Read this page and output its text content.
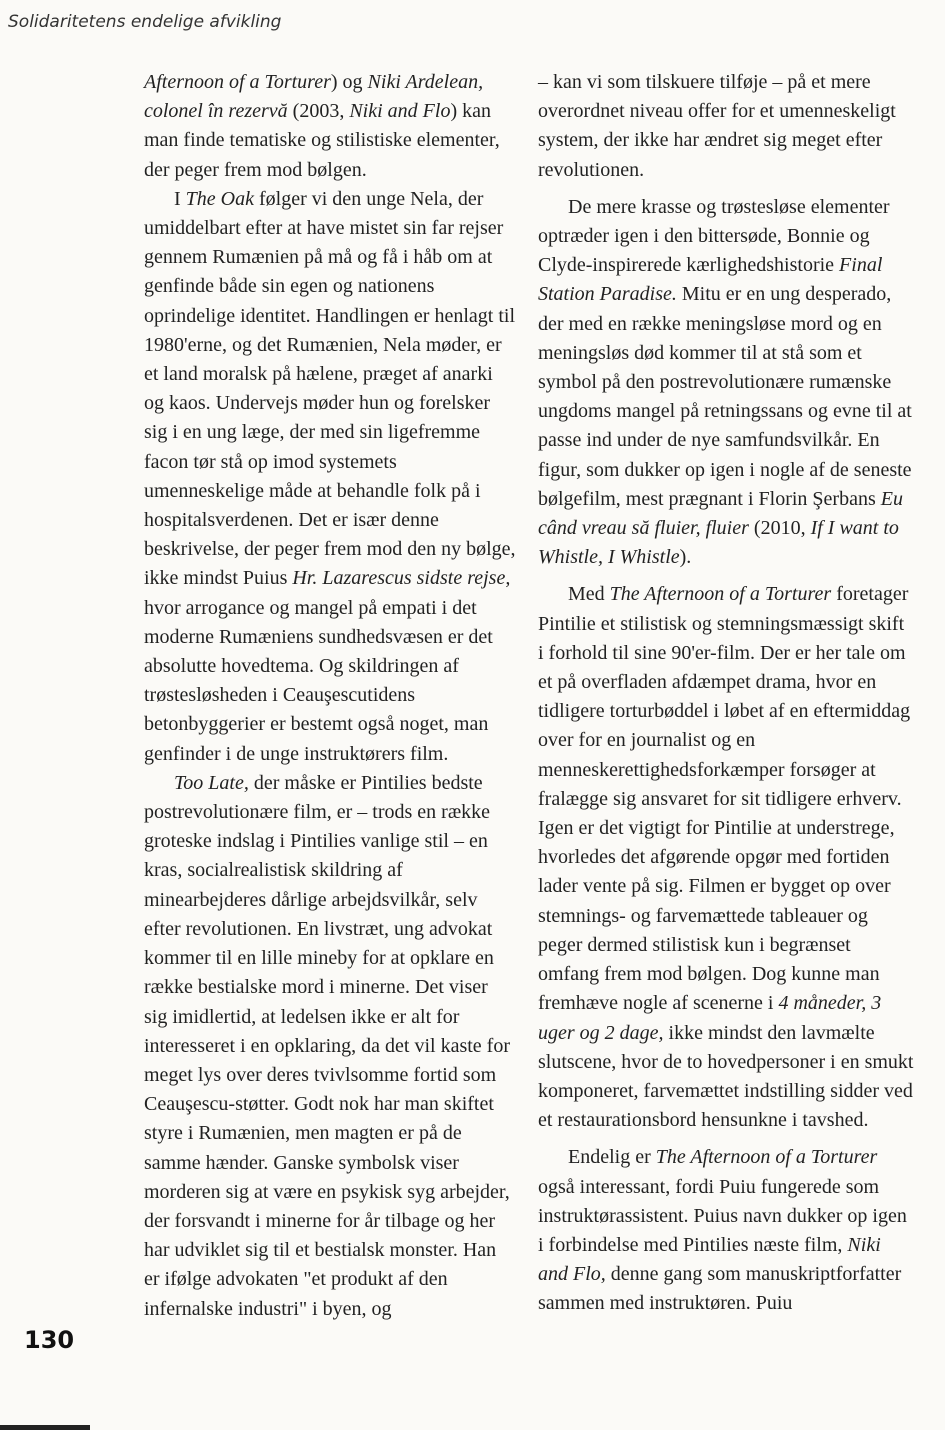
Solidaritetens endelige afvikling

Afternoon of a Torturer) og Niki Ardelean, colonel în rezervă (2003, Niki and Flo) kan man finde tematiske og stilistiske elementer, der peger frem mod bølgen.

I The Oak følger vi den unge Nela, der umiddelbart efter at have mistet sin far rejser gennem Rumænien på må og få i håb om at genfinde både sin egen og nationens oprindelige identitet. Handlingen er henlagt til 1980'erne, og det Rumænien, Nela møder, er et land moralsk på hælene, præget af anarki og kaos. Undervejs møder hun og forelsker sig i en ung læge, der med sin ligefremme facon tør stå op imod systemets umenneskelige måde at behandle folk på i hospitalsverdenen. Det er især denne beskrivelse, der peger frem mod den ny bølge, ikke mindst Puius Hr. Lazarescus sidste rejse, hvor arrogance og mangel på empati i det moderne Rumæniens sundhedsvæsen er det absolutte hovedtema. Og skildringen af trøstesløsheden i Ceauşescutidens betonbyggerier er bestemt også noget, man genfinder i de unge instruktørers film.

Too Late, der måske er Pintilies bedste postrevolutionære film, er – trods en række groteske indslag i Pintilies vanlige stil – en kras, socialrealistisk skildring af minearbejderes dårlige arbejdsvilkår, selv efter revolutionen. En livstræt, ung advokat kommer til en lille mineby for at opklare en række bestialske mord i minerne. Det viser sig imidlertid, at ledelsen ikke er alt for interesseret i en opklaring, da det vil kaste for meget lys over deres tvivlsomme fortid som Ceauşescu-støtter. Godt nok har man skiftet styre i Rumænien, men magten er på de samme hænder. Ganske symbolsk viser morderen sig at være en psykisk syg arbejder, der forsvandt i minerne for år tilbage og her har udviklet sig til et bestialsk monster. Han er ifølge advokaten "et produkt af den infernalske industri" i byen, og

– kan vi som tilskuere tilføje – på et mere overordnet niveau offer for et umenneskeligt system, der ikke har ændret sig meget efter revolutionen.

De mere krasse og trøstesløse elementer optræder igen i den bittersøde, Bonnie og Clyde-inspirerede kærlighedshistorie Final Station Paradise. Mitu er en ung desperado, der med en række meningsløse mord og en meningsløs død kommer til at stå som et symbol på den postrevolutionære rumænske ungdoms mangel på retningssans og evne til at passe ind under de nye samfundsvilkår. En figur, som dukker op igen i nogle af de seneste bølgefilm, mest prægnant i Florin Şerbans Eu când vreau să fluier, fluier (2010, If I want to Whistle, I Whistle).

Med The Afternoon of a Torturer foretager Pintilie et stilistisk og stemningsmæssigt skift i forhold til sine 90'er-film. Der er her tale om et på overfladen afdæmpet drama, hvor en tidligere torturbøddel i løbet af en eftermiddag over for en journalist og en menneskerettighedsforkæmper forsøger at fralægge sig ansvaret for sit tidligere erhverv. Igen er det vigtigt for Pintilie at understrege, hvorledes det afgørende opgør med fortiden lader vente på sig. Filmen er bygget op over stemnings- og farvemættede tableauer og peger dermed stilistisk kun i begrænset omfang frem mod bølgen. Dog kunne man fremhæve nogle af scenerne i 4 måneder, 3 uger og 2 dage, ikke mindst den lavmælte slutscene, hvor de to hovedpersoner i en smukt komponeret, farvemættet indstilling sidder ved et restaurationsbord hensunkne i tavshed.

Endelig er The Afternoon of a Torturer også interessant, fordi Puiu fungerede som instruktørassistent. Puius navn dukker op igen i forbindelse med Pintilies næste film, Niki and Flo, denne gang som manuskriptforfatter sammen med instruktøren. Puiu

130
